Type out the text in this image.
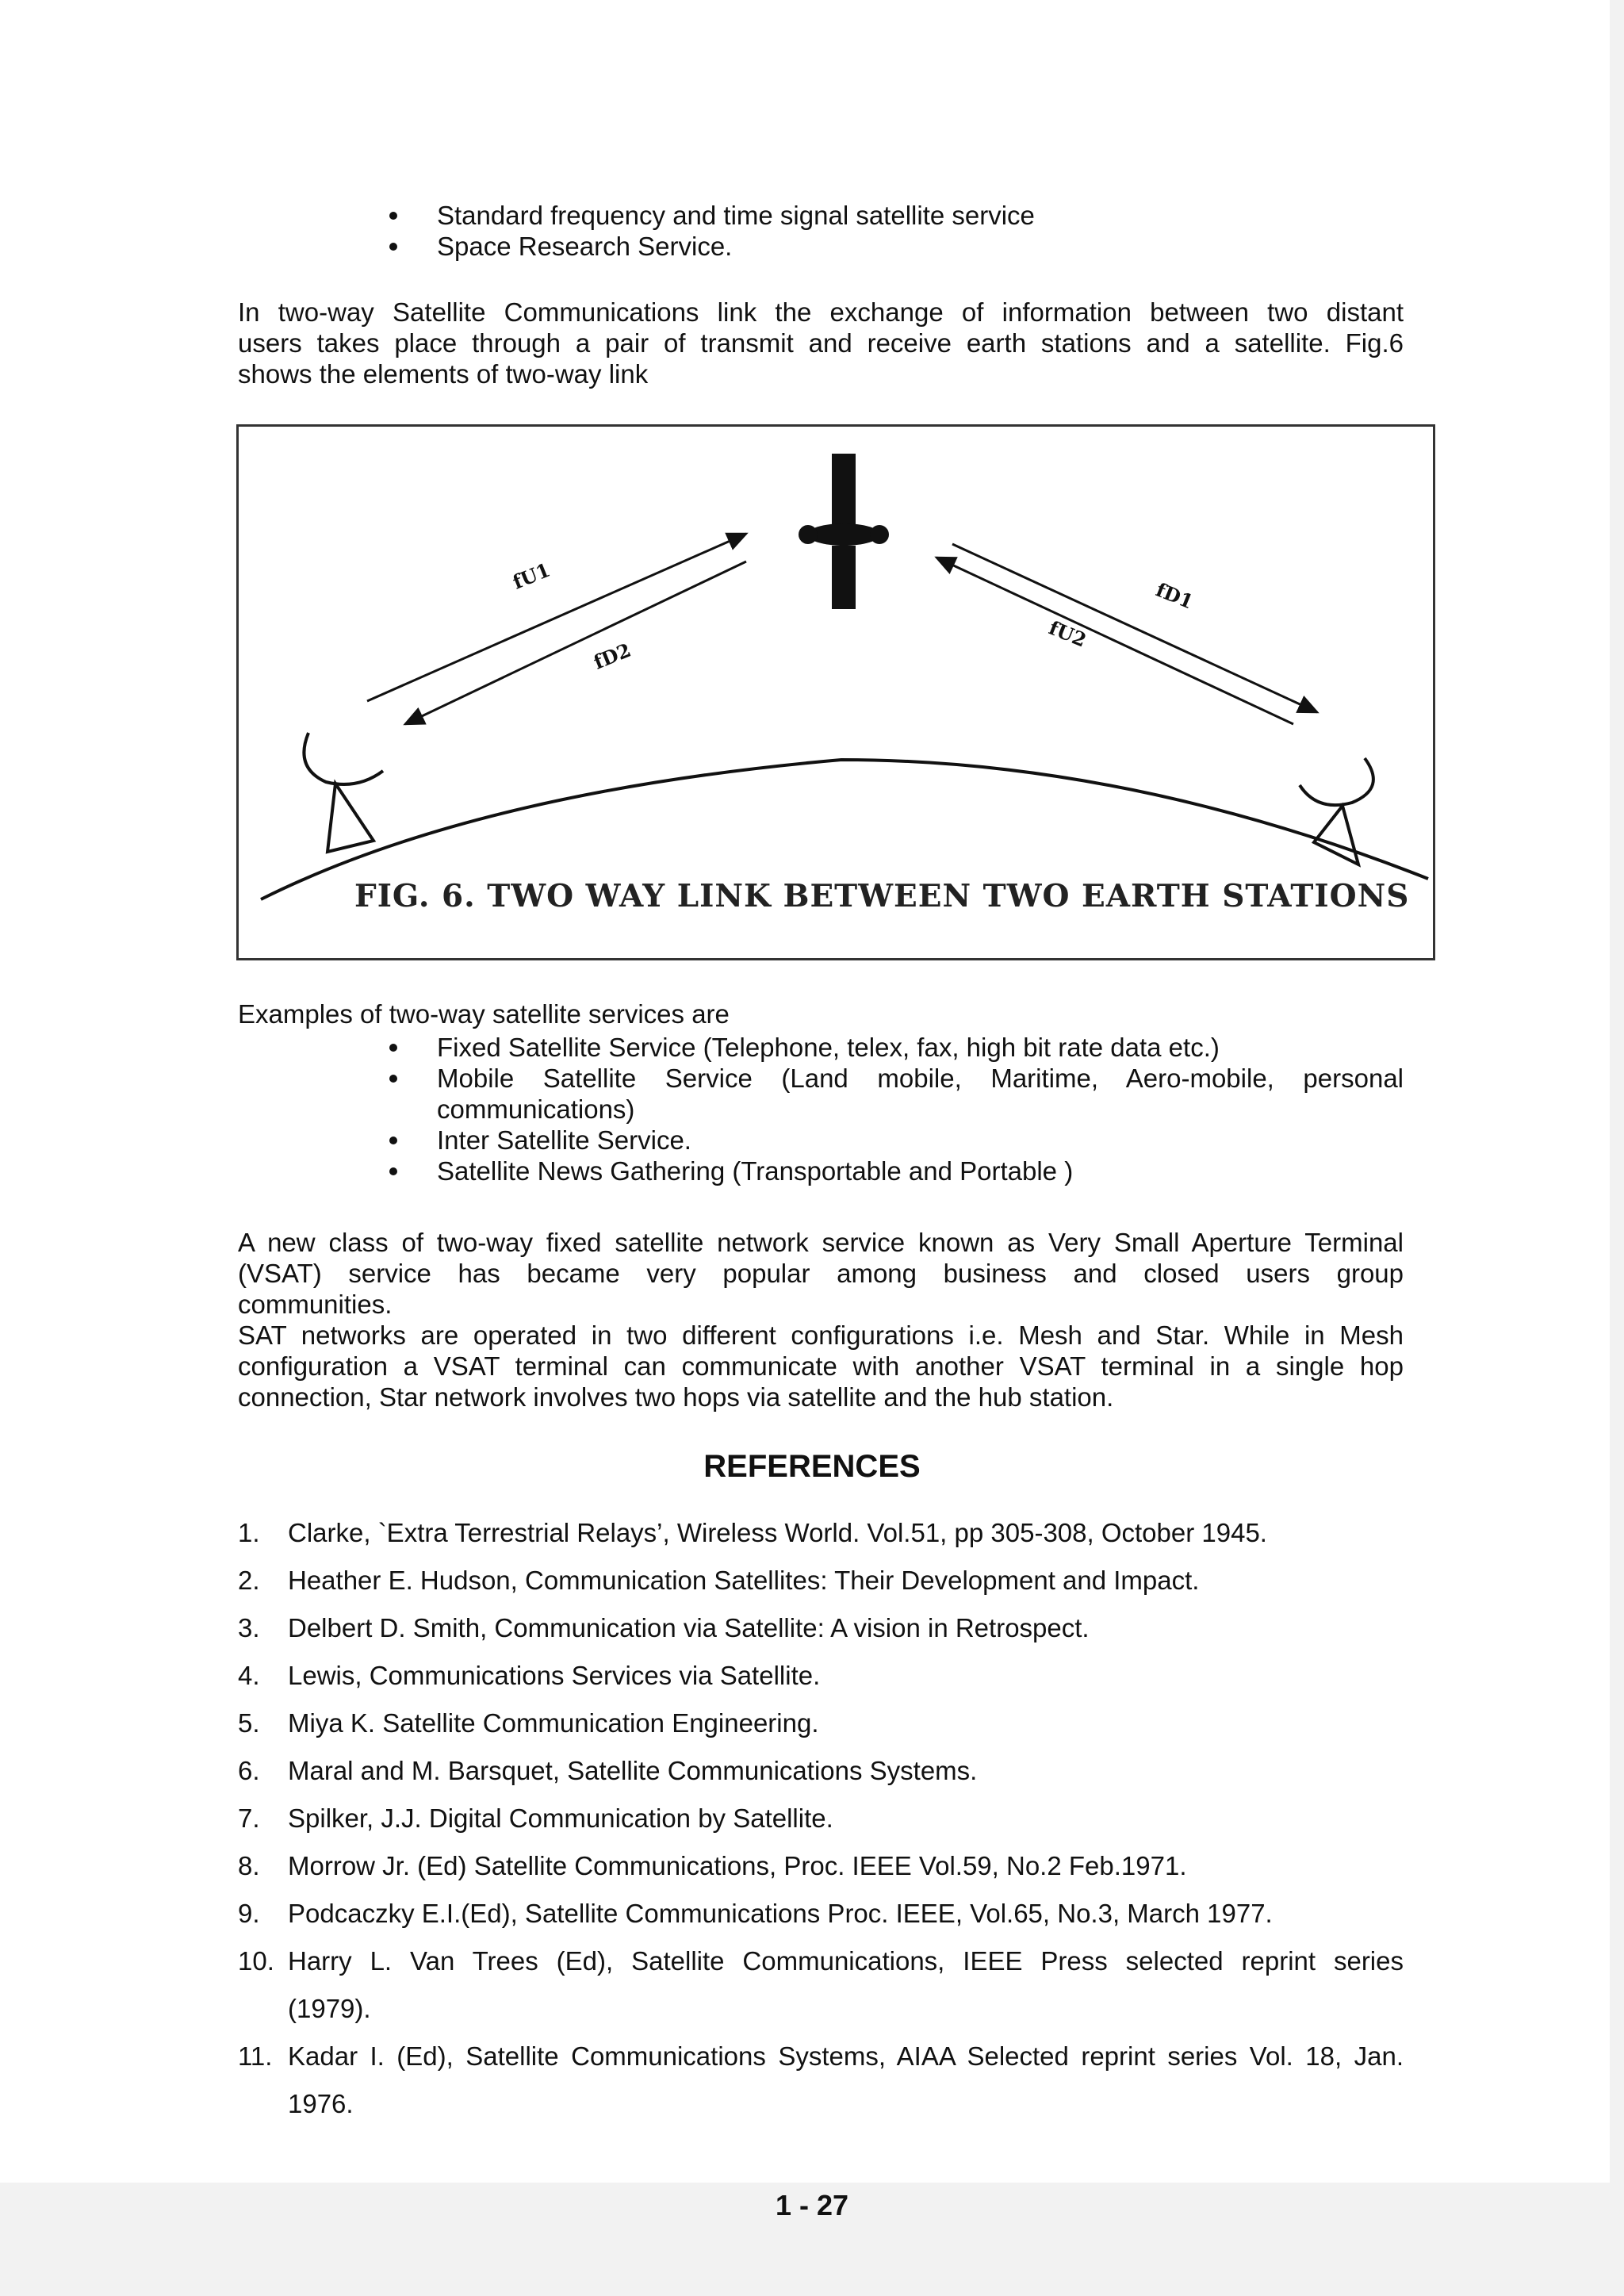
Standard frequency and time signal satellite service
Space Research Service.

In two-way Satellite Communications link the exchange of information between two distant
users takes place through a pair of transmit and receive earth stations and a satellite. Fig.6
shows the elements of two-way link

fU1
fD2
fD1
fU2
FIG. 6. TWO WAY LINK BETWEEN TWO EARTH STATIONS

Examples of two-way satellite services are

Fixed Satellite Service (Telephone, telex, fax, high bit rate data etc.)
Mobile Satellite Service (Land mobile, Maritime, Aero-mobile, personal
communications)
Inter Satellite Service.
Satellite News Gathering (Transportable and Portable )

A new class of two-way fixed satellite network service known as Very Small Aperture Terminal
(VSAT) service has became very popular among business and closed users group
communities.
SAT networks are operated in two different configurations i.e. Mesh and Star. While in Mesh
configuration a VSAT terminal can communicate with another VSAT terminal in a single hop
connection, Star network involves two hops via satellite and the hub station.

REFERENCES
1. Clarke, `Extra Terrestrial Relays’, Wireless World. Vol.51, pp 305-308, October 1945.
2. Heather E. Hudson, Communication Satellites: Their Development and Impact.
3. Delbert D. Smith, Communication via Satellite: A vision in Retrospect.
4. Lewis, Communications Services via Satellite.
5. Miya K. Satellite Communication Engineering.
6. Maral and M. Barsquet, Satellite Communications Systems.
7. Spilker, J.J. Digital Communication by Satellite.
8. Morrow Jr. (Ed) Satellite Communications, Proc. IEEE Vol.59, No.2 Feb.1971.
9. Podcaczky E.I.(Ed), Satellite Communications Proc. IEEE, Vol.65, No.3, March 1977.
10. Harry L. Van Trees (Ed), Satellite Communications, IEEE Press selected reprint series
(1979).
11. Kadar I. (Ed), Satellite Communications Systems, AIAA Selected reprint series Vol. 18, Jan.
1976.
1 - 27
